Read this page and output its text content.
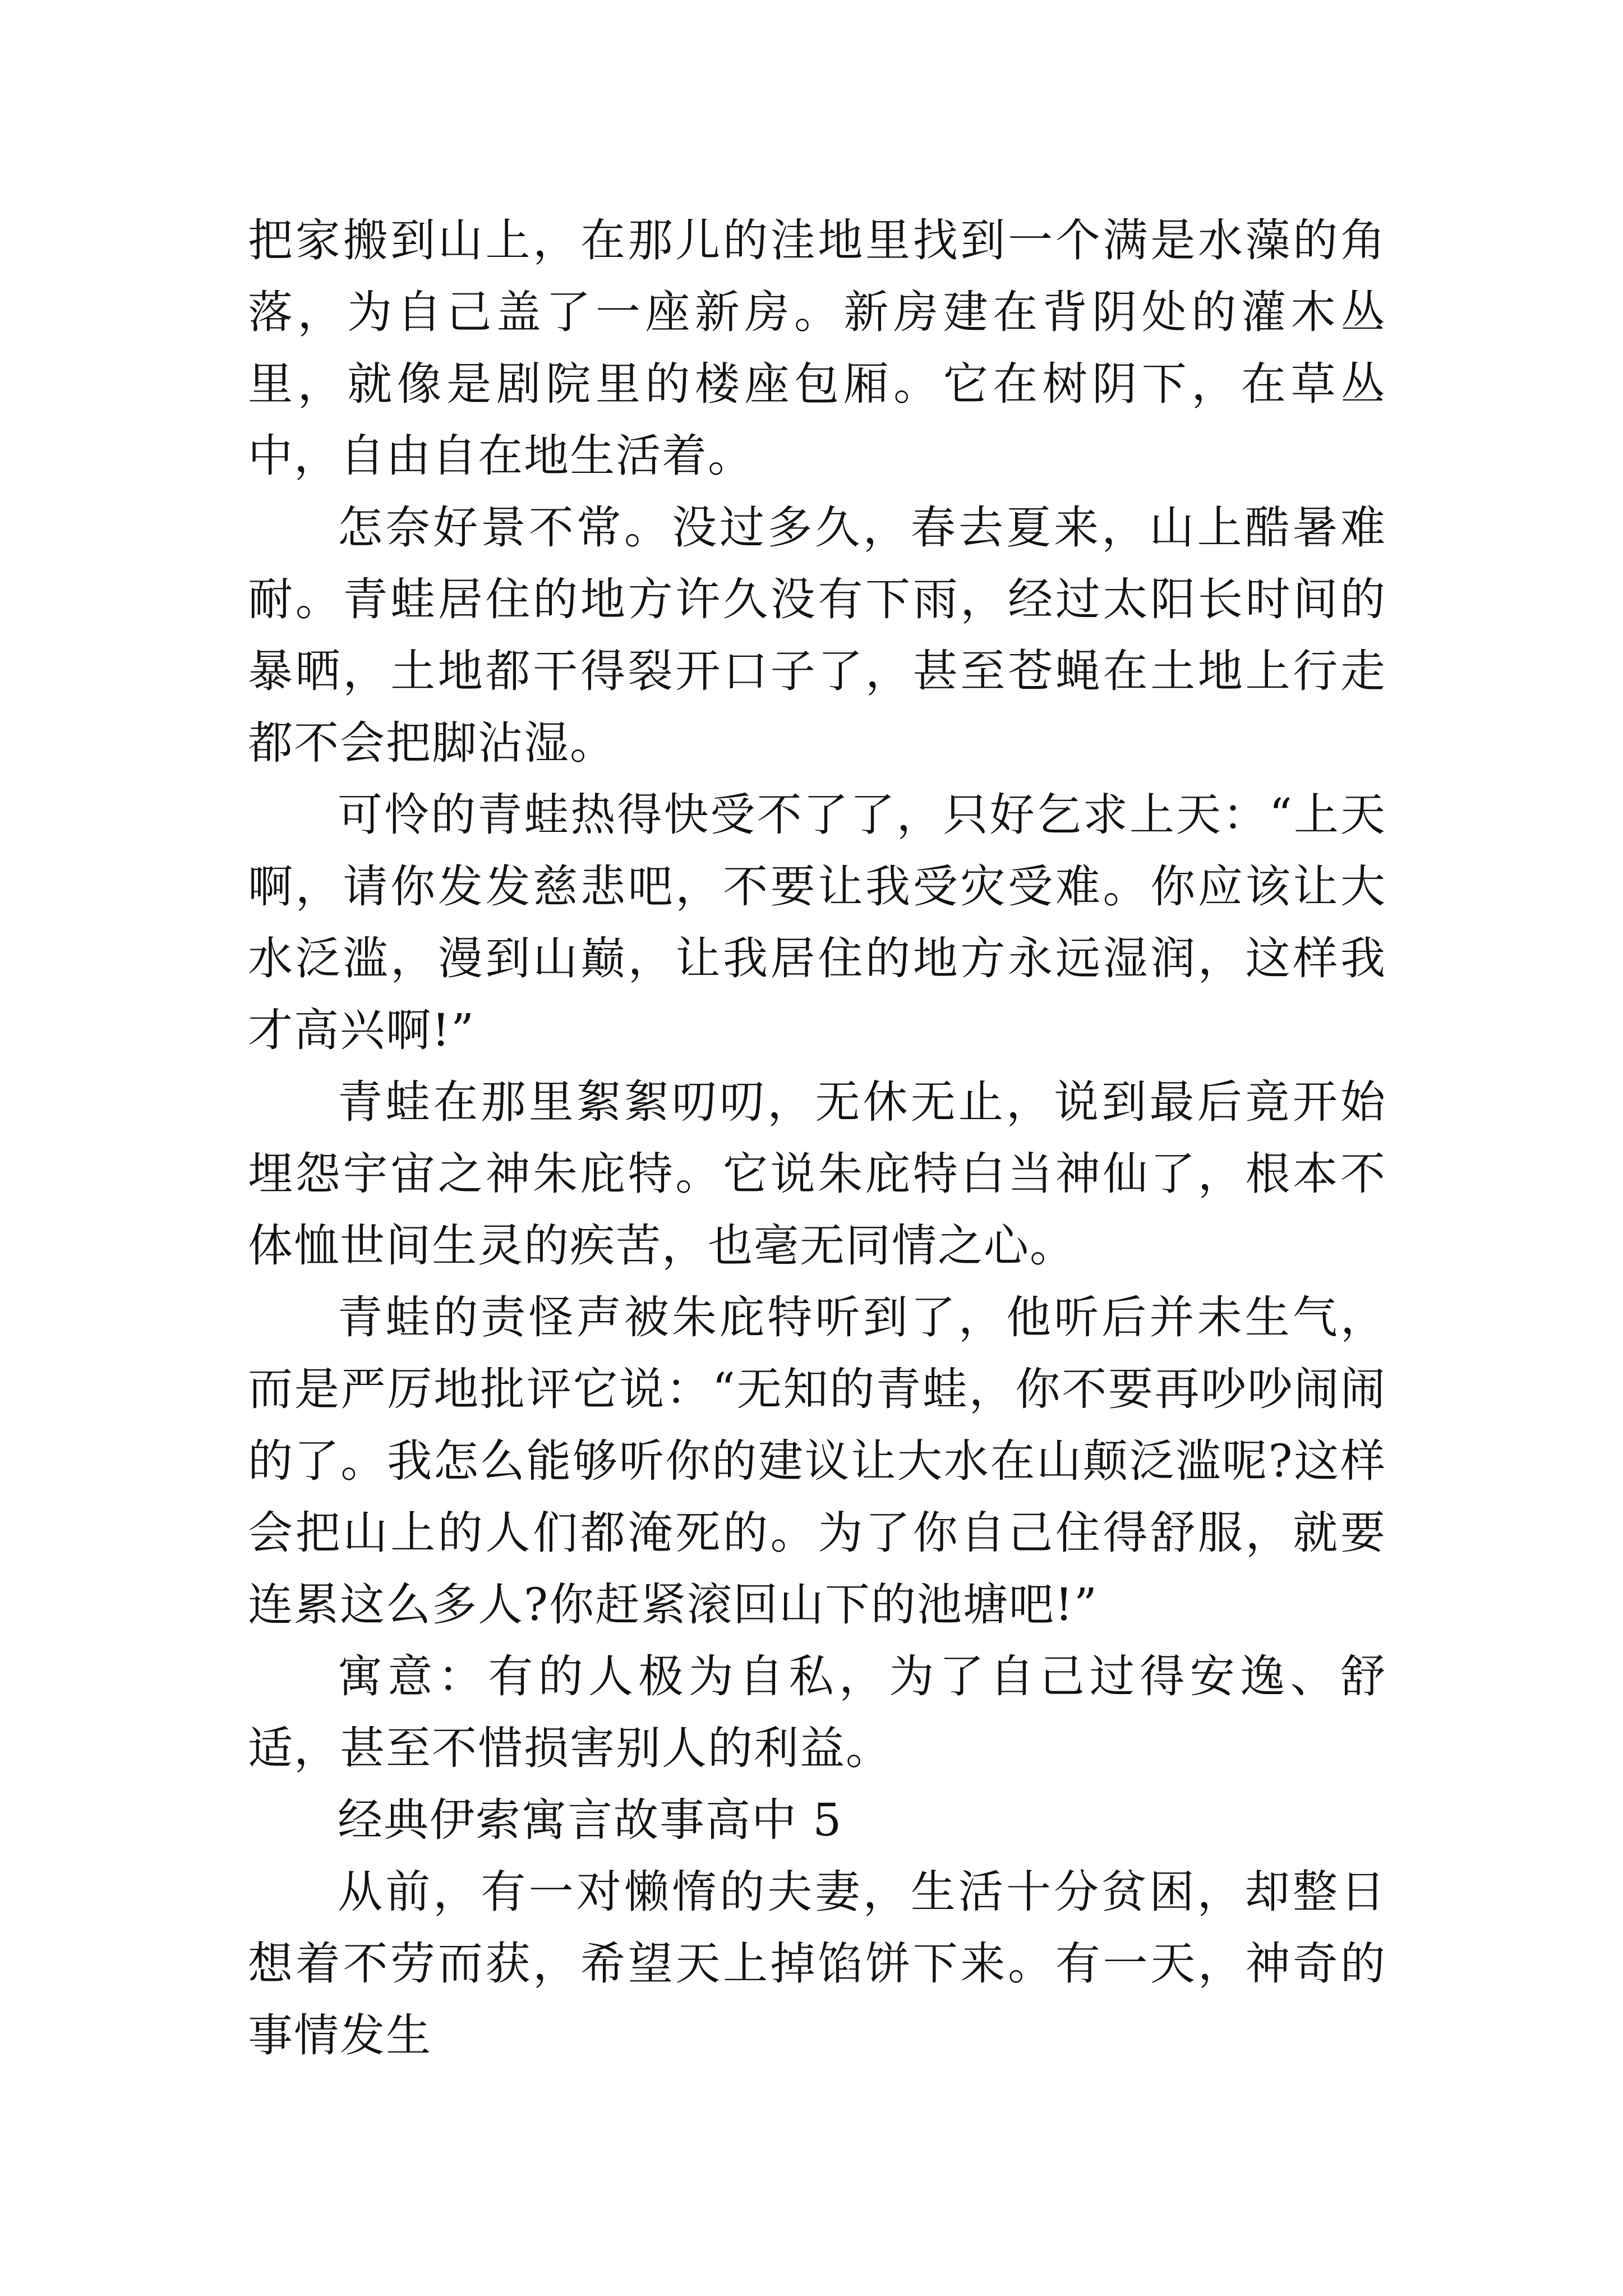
把家搬到山上，在那儿的洼地里找到一个满是水藻的角落，为自己盖了一座新房。新房建在背阴处的灌木丛里，就像是剧院里的楼座包厢。它在树阴下，在草丛中，自由自在地生活着。

怎奈好景不常。没过多久，春去夏来，山上酷暑难耐。青蛙居住的地方许久没有下雨，经过太阳长时间的暴晒，土地都干得裂开口子了，甚至苍蝇在土地上行走都不会把脚沾湿。

可怜的青蛙热得快受不了了，只好乞求上天：“上天啊，请你发发慈悲吧，不要让我受灾受难。你应该让大水泛滥，漫到山巅，让我居住的地方永远湿润，这样我才高兴啊!”

青蛙在那里絮絮叨叨，无休无止，说到最后竟开始埋怨宇宙之神朱庇特。它说朱庇特白当神仙了，根本不体恤世间生灵的疾苦，也毫无同情之心。

青蛙的责怪声被朱庇特听到了，他听后并未生气，而是严厉地批评它说：“无知的青蛙，你不要再吵吵闹闹的了。我怎么能够听你的建议让大水在山颠泛滥呢?这样会把山上的人们都淹死的。为了你自己住得舒服，就要连累这么多人?你赶紧滚回山下的池塘吧!”

寓意：有的人极为自私，为了自己过得安逸、舒适，甚至不惜损害别人的利益。

经典伊索寓言故事高中 5

从前，有一对懒惰的夫妻，生活十分贫困，却整日想着不劳而获，希望天上掉馅饼下来。有一天，神奇的事情发生
